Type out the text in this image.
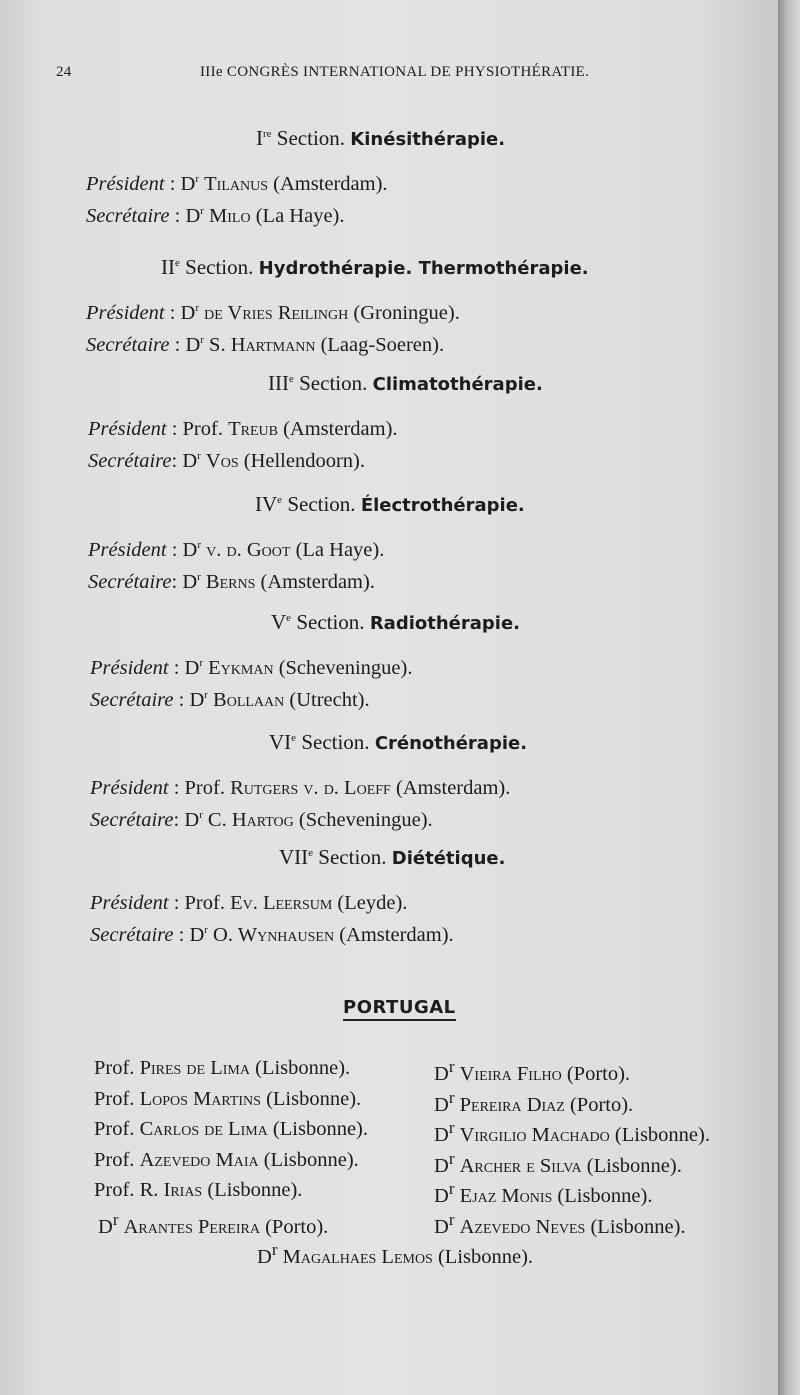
24	IIIe CONGRÈS INTERNATIONAL DE PHYSIOTHÉRATIE.
Ire Section. Kinésithérapie.
Président : $D^r$ Tilanus (Amsterdam).
Secrétaire : $D^r$ Milo (La Haye).
IIe Section. Hydrothérapie. Thermothérapie.
Président : $D^r$ de Vries Reilingh (Groningue).
Secrétaire : $D^r$ S. Hartmann (Laag-Soeren).
IIIe Section. Climatothérapie.
Président : Prof. Treub (Amsterdam).
Secrétaire: $D^r$ Vos (Hellendoorn).
IVe Section. Électrothérapie.
Président : $D^r$ v. d. Goot (La Haye).
Secrétaire: $D^r$ Berns (Amsterdam).
Ve Section. Radiothérapie.
Président : $D^r$ Eykman (Scheveningue).
Secrétaire : $D^r$ Bollaan (Utrecht).
VIe Section. Crénothérapie.
Président : Prof. Rutgers v. d. Loeff (Amsterdam).
Secrétaire: $D^r$ C. Hartog (Scheveningue).
VIIe Section. Diététique.
Président : Prof. Ev. Leersum (Leyde).
Secrétaire : $D^r$ O. Wynhausen (Amsterdam).
PORTUGAL
Prof. Pires de Lima (Lisbonne).
Prof. Lopos Martins (Lisbonne).
Prof. Carlos de Lima (Lisbonne).
Prof. Azevedo Maia (Lisbonne).
Prof. R. Irias (Lisbonne).
$D^r$ Arantes Pereira (Porto).
$D^r$ Vieira Filho (Porto).
$D^r$ Pereira Diaz (Porto).
$D^r$ Virgilio Machado (Lisbonne).
$D^r$ Archer e Silva (Lisbonne).
$D^r$ Ejaz Monis (Lisbonne).
$D^r$ Azevedo Neves (Lisbonne).
$D^r$ Magalhaes Lemos (Lisbonne).
